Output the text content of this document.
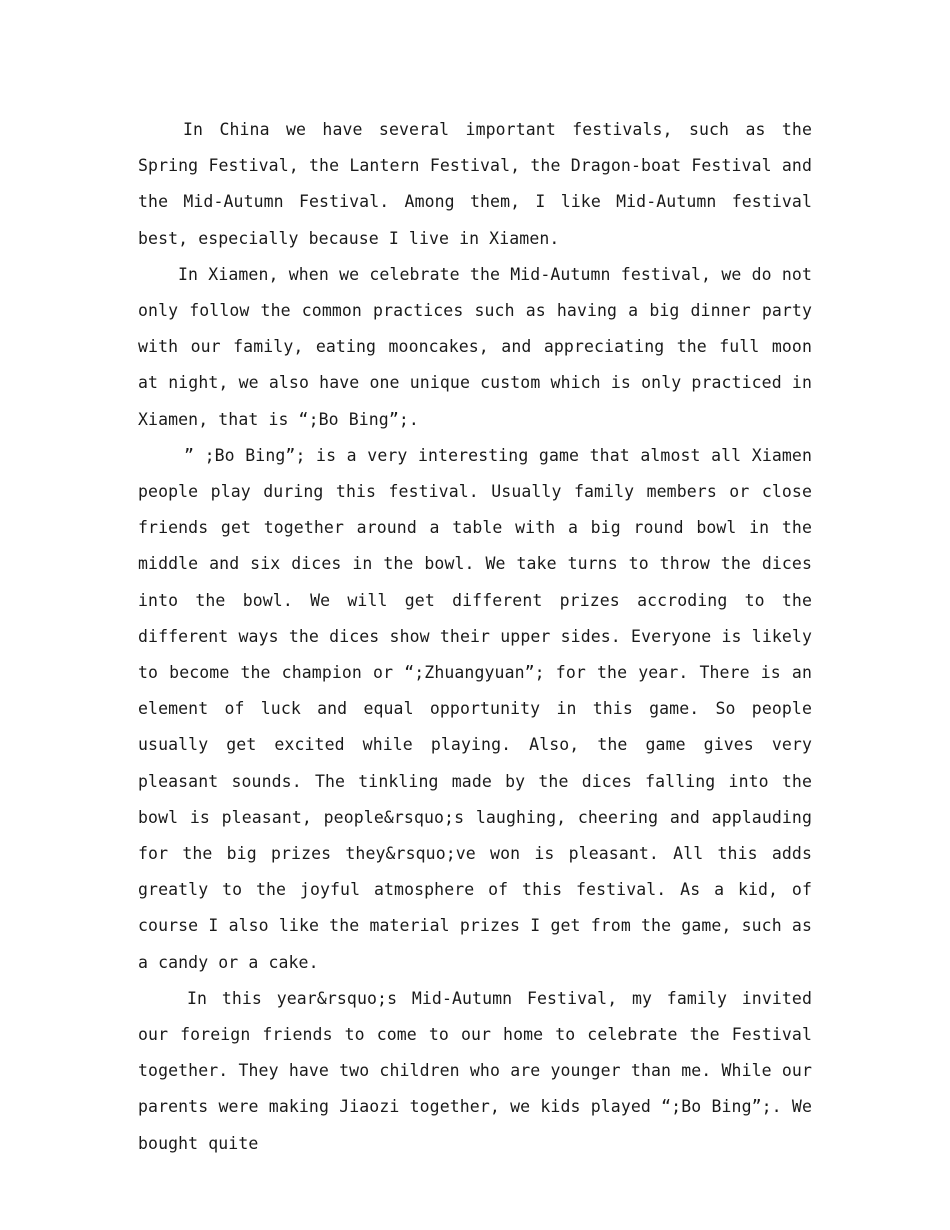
In China we have several important festivals, such as the Spring Festival, the Lantern Festival, the Dragon-boat Festival and the Mid-Autumn Festival. Among them, I like Mid-Autumn festival best, especially because I live in Xiamen.

In Xiamen, when we celebrate the Mid-Autumn festival, we do not only follow the common practices such as having a big dinner party with our family, eating mooncakes, and appreciating the full moon at night, we also have one unique custom which is only practiced in Xiamen, that is “;Bo Bing”;.

” ;Bo Bing”; is a very interesting game that almost all Xiamen people play during this festival. Usually family members or close friends get together around a table with a big round bowl in the middle and six dices in the bowl. We take turns to throw the dices into the bowl. We will get different prizes accroding to the different ways the dices show their upper sides. Everyone is likely to become the champion or “;Zhuangyuan”; for the year. There is an element of luck and equal opportunity in this game. So people usually get excited while playing. Also, the game gives very pleasant sounds. The tinkling made by the dices falling into the bowl is pleasant, people&rsquo;s laughing, cheering and applauding for the big prizes they&rsquo;ve won is pleasant. All this adds greatly to the joyful atmosphere of this festival. As a kid, of course I also like the material prizes I get from the game, such as a candy or a cake.

In this year&rsquo;s Mid-Autumn Festival, my family invited our foreign friends to come to our home to celebrate the Festival together. They have two children who are younger than me. While our parents were making Jiaozi together, we kids played “;Bo Bing”;. We bought quite
